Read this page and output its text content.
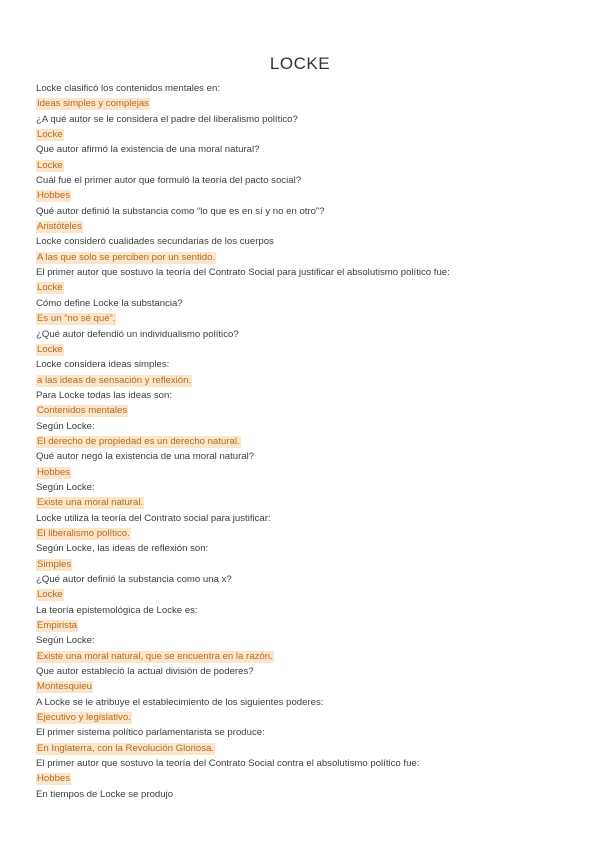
LOCKE
Locke clasificó los contenidos mentales en:
Ideas simples y complejas
¿A qué autor se le considera el padre del liberalismo político?
Locke
Que autor afirmó la existencia de una moral natural?
Locke
Cuál fue el primer autor que formuló la teoría del pacto social?
Hobbes
Qué autor definió la substancia como “lo que es en sí y no en otro”?
Aristóteles
Locke consideró cualidades secundarias de los cuerpos
A las que solo se perciben por un sentido.
El primer autor que sostuvo la teoría del Contrato Social para justificar el absolutismo político fue:
Locke
Cómo define Locke la substancia?
Es un “no sé qué”.
¿Qué autor defendió un individualismo político?
Locke
Locke considera ideas simples:
a las ideas de sensación y reflexión.
Para Locke todas las ideas son:
Contenidos mentales
Según Locke:
El derecho de propiedad es un derecho natural.
Qué autor negó la existencia de una moral natural?
Hobbes
Según Locke:
Existe una moral natural.
Locke utiliza la teoría del Contrato social para justificar:
El liberalismo político.
Según Locke, las ideas de reflexión son:
Simples
¿Qué autor definió la substancia como una x?
Locke
La teoría epistemológica de Locke es:
Empirista
Según Locke:
Existe una moral natural, que se encuentra en la razón.
Que autor estableció la actual división de poderes?
Montesquieu
A Locke se le atribuye el establecimiento de los siguientes poderes:
Ejecutivo y legislativo.
El primer sistema político parlamentarista se produce:
En Inglaterra, con la Revolución Gloriosa.
El primer autor que sostuvo la teoría del Contrato Social contra el absolutismo político fue:
Hobbes
En tiempos de Locke se produjo
